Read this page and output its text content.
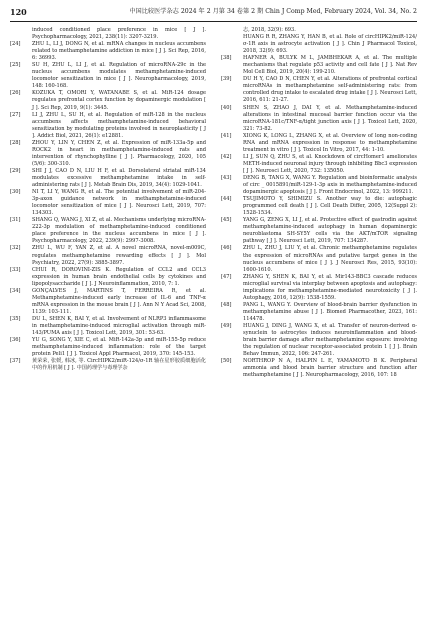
120	中国比较医学杂志 2024 年 2 月第 34 卷第 2 期 Chin J Comp Med, February 2024, Vol. 34, No. 2
induced conditioned place preference in mice [ J ]. Psychopharmacology, 2021, 238(11): 3207-3219.
[24]	ZHU L, LI J, DONG N, et al. mRNA changes in nucleus accumbens related to methamphetamine addiction in mice [ J ]. Sci Rep, 2016, 6: 36993.
[25]	SU H, ZHU L, LI J, et al. Regulation of microRNA-29c in the nucleus accumbens modulates methamphetamine-induced locomotor sensitization in mice [ J ]. Neuropharmacology, 2019, 148: 160-168.
[26]	KOZUKA T, OMORI Y, WATANABE S, et al. MiR-124 dosage regulates prefrontal cortex function by dopaminergic modulation [ J ]. Sci Rep, 2019, 9(1): 3445.
[27]	LI J, ZHU L, SU H, et al. Regulation of miR-128 in the nucleus accumbens affects methamphetamine-induced behavioral sensitization by modulating proteins involved in neuroplasticity [ J ]. Addict Biol, 2021, 26(1): e12881.
[28]	ZHOU Y, LIN Y, CHEN Z, et al. Expression of miR-133a-5p and ROCK2 in heart in methamphetamine-induced rats and intervention of rhynchophylline [ J ]. Pharmacology, 2020, 105 (5/6): 300-310.
[29]	SHI J J, CAO D N, LIU H F, et al. Dorsolateral striatal miR-134 modulates excessive methamphetamine intake in self-administering rats [ J ]. Metab Brain Dis, 2019, 34(4): 1029-1041.
[30]	NI T, LI Y, WANG R, et al. The potential involvement of miR-204-3p-axon guidance network in methamphetamine-induced locomotor sensitization of mice [ J ]. Neurosci Lett, 2019, 707: 134303.
[31]	SHANG Q, WANG J, XI Z, et al. Mechanisms underlying microRNA-222-3p modulation of methamphetamine-induced conditioned place preference in the nucleus accumbens in mice [ J ]. Psychopharmacology, 2022, 239(9): 2997-3008.
[32]	ZHU L, WU F, YAN Z, et al. A novel microRNA, novel-m009C, regulates methamphetamine rewarding effects [ J ]. Mol Psychiatry, 2022, 27(9): 3885-3897.
[33]	CHUI R, DOROVINI-ZIS K. Regulation of CCL2 and CCL3 expression in human brain endothelial cells by cytokines and lipopolysaccharide [ J ]. J Neuroinflammation, 2010, 7: 1.
[34]	GONÇALVES J, MARTINS T, FERREIRA R, et al. Methamphetamine-induced early increase of IL-6 and TNF-α mRNA expression in the mouse brain [ J ]. Ann N Y Acad Sci, 2008, 1139: 103-111.
[35]	DU L, SHEN K, BAI Y, et al. Involvement of NLRP3 inflammasome in methamphetamine-induced microglial activation through miR-143/PUMA axis [ J ]. Toxicol Lett, 2019, 301: 53-63.
[36]	YU G, SONG Y, XIE C, et al. MiR-142a-3p and miR-155-5p reduce methamphetamine-induced inflammation: role of the target protein Peli1 [ J ]. Toxicol Appl Pharmacol, 2019, 370: 145-153.
[37]	黄荣荣, 张媛, 韩冰, 等. CircHIPK2/miR-124/σ-1R 轴在星形胶质细胞活化中的作用机制 [ J ]. 中国药理学与毒理学杂
志, 2018, 32(9): 693.
HUANG R R, ZHANG Y, HAN B, et al. Role of circHIPK2/miR-124/σ-1R axis in astrocyte activation [ J ]. Chin J Pharmacol Toxicol, 2018, 32(9): 693.
[38]	HAFNER A, BULYK M L, JAMBHEKAR A, et al. The multiple mechanisms that regulate p53 activity and cell fate [ J ]. Nat Rev Mol Cell Biol, 2019, 20(4): 199-210.
[39]	DU H Y, CAO D N, CHEN Y, et al. Alterations of prefrontal cortical microRNAs in methamphetamine self-administering rats: from controlled drug intake to escalated drug intake [ J ]. Neurosci Lett, 2016, 611: 21-27.
[40]	SHEN S, ZHAO J, DAI Y, et al. Methamphetamine-induced alterations in intestinal mucosal barrier function occur via the microRNA-181c/TNF-α/tight junction axis [ J ]. Toxicol Lett, 2020, 321: 73-82.
[41]	XIONG K, LONG L, ZHANG X, et al. Overview of long non-coding RNA and mRNA expression in response to methamphetamine treatment in vitro [ J ]. Toxicol In Vitro, 2017, 44: 1-10.
[42]	LI J, SUN Q, ZHU S, et al. Knockdown of circHomer1 ameliorates METH-induced neuronal injury through inhibiting Bbc3 expression [ J ]. Neurosci Lett, 2020, 732: 135050.
[43]	DENG B, TANG X, WANG Y. Regulation and bioinformatic analysis of circ _ 0015891/miR-129-1-3p axis in methamphetamine-induced dopaminergic apoptosis [ J ]. Front Endocrinol, 2022, 13: 999211.
[44]	TSUJIMOTO Y, SHIMIZU S. Another way to die: autophagic programmed cell death [ J ]. Cell Death Differ, 2005, 12(Suppl 2): 1528-1534.
[45]	YANG G, ZENG X, LI J, et al. Protective effect of gastrodin against methamphetamine-induced autophagy in human dopaminergic neuroblastoma SH-SY5Y cells via the AKT/mTOR signaling pathway [ J ]. Neurosci Lett, 2019, 707: 134287.
[46]	ZHU L, ZHU J, LIU Y, et al. Chronic methamphetamine regulates the expression of microRNAs and putative target genes in the nucleus accumbens of mice [ J ]. J Neurosci Res, 2015, 93(10): 1600-1610.
[47]	ZHANG Y, SHEN K, BAI Y, et al. Mir143-BBC3 cascade reduces microglial survival via interplay between apoptosis and autophagy: implications for methamphetamine-mediated neurotoxicity [ J ]. Autophagy, 2016, 12(9): 1538-1559.
[48]	PANG L, WANG Y. Overview of blood-brain barrier dysfunction in methamphetamine abuse [ J ]. Biomed Pharmacother, 2023, 161: 114478.
[49]	HUANG J, DING J, WANG X, et al. Transfer of neuron-derived α-synuclein to astrocytes induces neuroinflammation and blood-brain barrier damage after methamphetamine exposure: involving the regulation of nuclear receptor-associated protein 1 [ J ]. Brain Behav Immun, 2022, 106: 247-261.
[50]	NORTHROP N A, HALPIN L E, YAMAMOTO B K. Peripheral ammonia and blood brain barrier structure and function after methamphetamine [ J ]. Neuropharmacology, 2016, 107: 18
